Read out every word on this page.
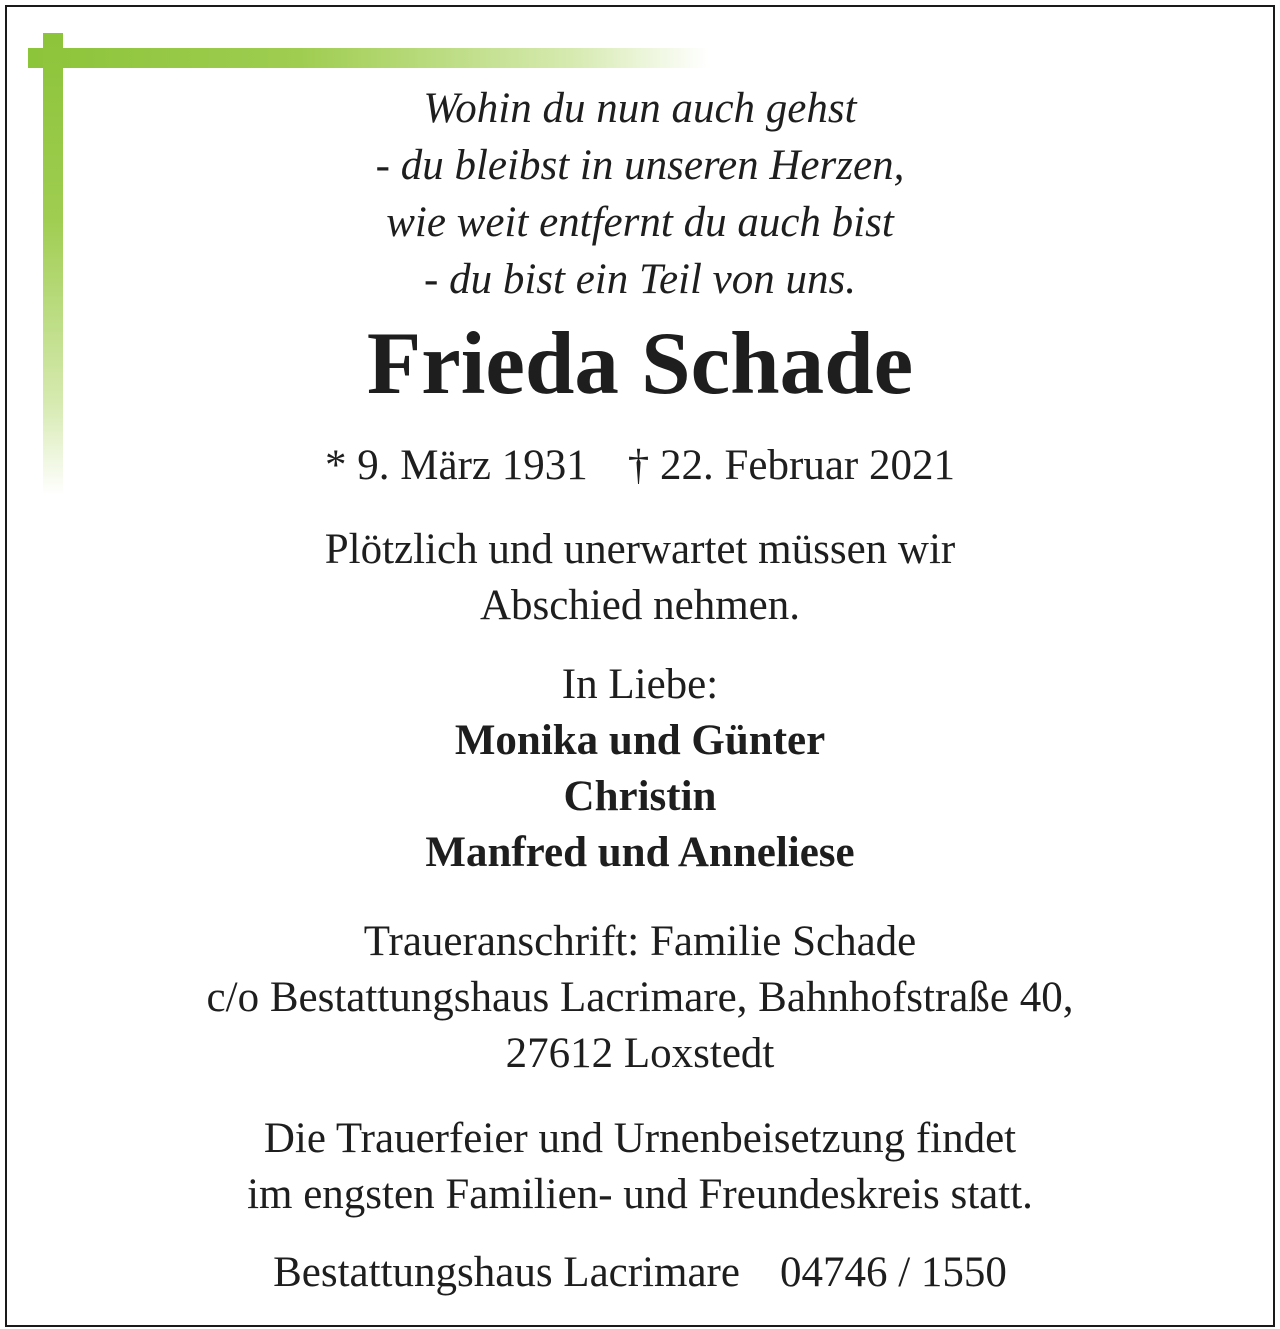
Wohin du nun auch gehst
- du bleibst in unseren Herzen,
wie weit entfernt du auch bist
- du bist ein Teil von uns.
Frieda Schade
* 9. März 1931 † 22. Februar 2021
Plötzlich und unerwartet müssen wir
Abschied nehmen.
In Liebe:
Monika und Günter
Christin
Manfred und Anneliese
Traueranschrift: Familie Schade
c/o Bestattungshaus Lacrimare, Bahnhofstraße 40,
27612 Loxstedt
Die Trauerfeier und Urnenbeisetzung findet
im engsten Familien- und Freundeskreis statt.
Bestattungshaus Lacrimare 04746 / 1550
